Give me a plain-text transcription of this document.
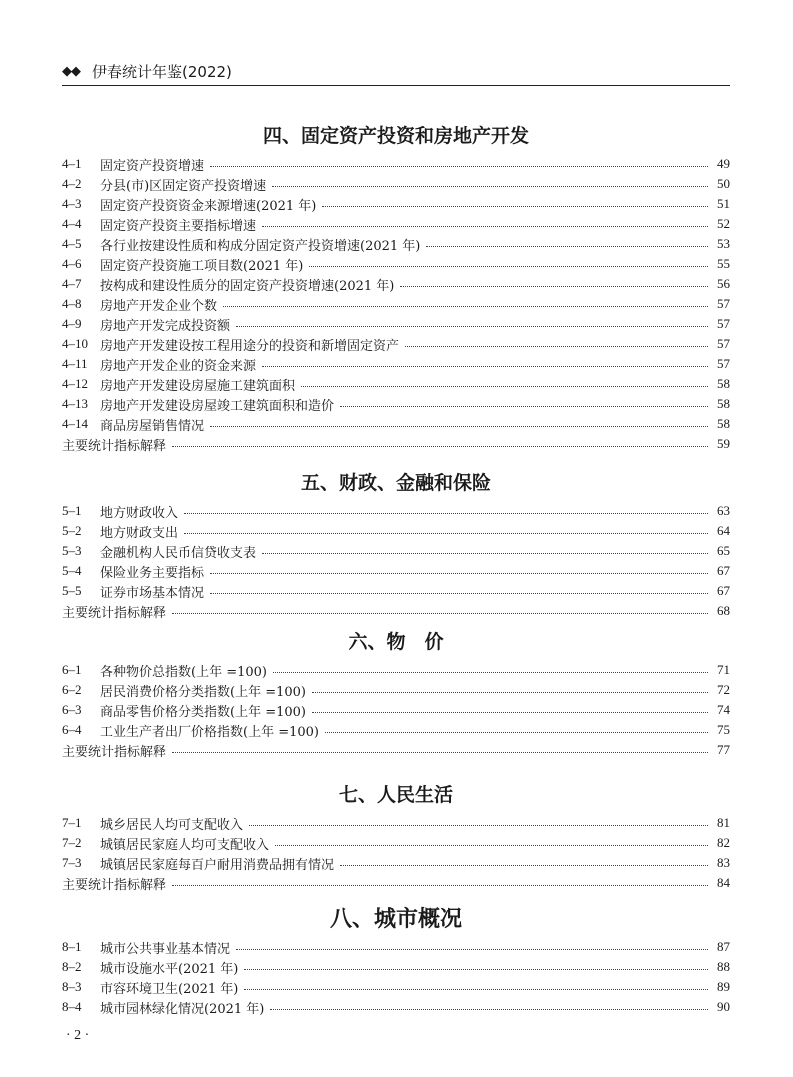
◆◆ 伊春统计年鉴(2022)
四、固定资产投资和房地产开发
4–1	固定资产投资增速	49
4–2	分县(市)区固定资产投资增速	50
4–3	固定资产投资资金来源增速(2021 年)	51
4–4	固定资产投资主要指标增速	52
4–5	各行业按建设性质和构成分固定资产投资增速(2021 年)	53
4–6	固定资产投资施工项目数(2021 年)	55
4–7	按构成和建设性质分的固定资产投资增速(2021 年)	56
4–8	房地产开发企业个数	57
4–9	房地产开发完成投资额	57
4–10 房地产开发建设按工程用途分的投资和新增固定资产	57
4–11 房地产开发企业的资金来源	57
4–12 房地产开发建设房屋施工建筑面积	58
4–13 房地产开发建设房屋竣工建筑面积和造价	58
4–14 商品房屋销售情况	58
主要统计指标解释	59
五、财政、金融和保险
5–1	地方财政收入	63
5–2	地方财政支出	64
5–3	金融机构人民币信贷收支表	65
5–4	保险业务主要指标	67
5–5	证券市场基本情况	67
主要统计指标解释	68
六、物　价
6–1	各种物价总指数(上年 =100)	71
6–2	居民消费价格分类指数(上年 =100)	72
6–3	商品零售价格分类指数(上年 =100)	74
6–4	工业生产者出厂价格指数(上年 =100)	75
主要统计指标解释	77
七、人民生活
7–1	城乡居民人均可支配收入	81
7–2	城镇居民家庭人均可支配收入	82
7–3	城镇居民家庭每百户耐用消费品拥有情况	83
主要统计指标解释	84
八、城市概况
8–1	城市公共事业基本情况	87
8–2	城市设施水平(2021 年)	88
8–3	市容环境卫生(2021 年)	89
8–4	城市园林绿化情况(2021 年)	90
· 2 ·
